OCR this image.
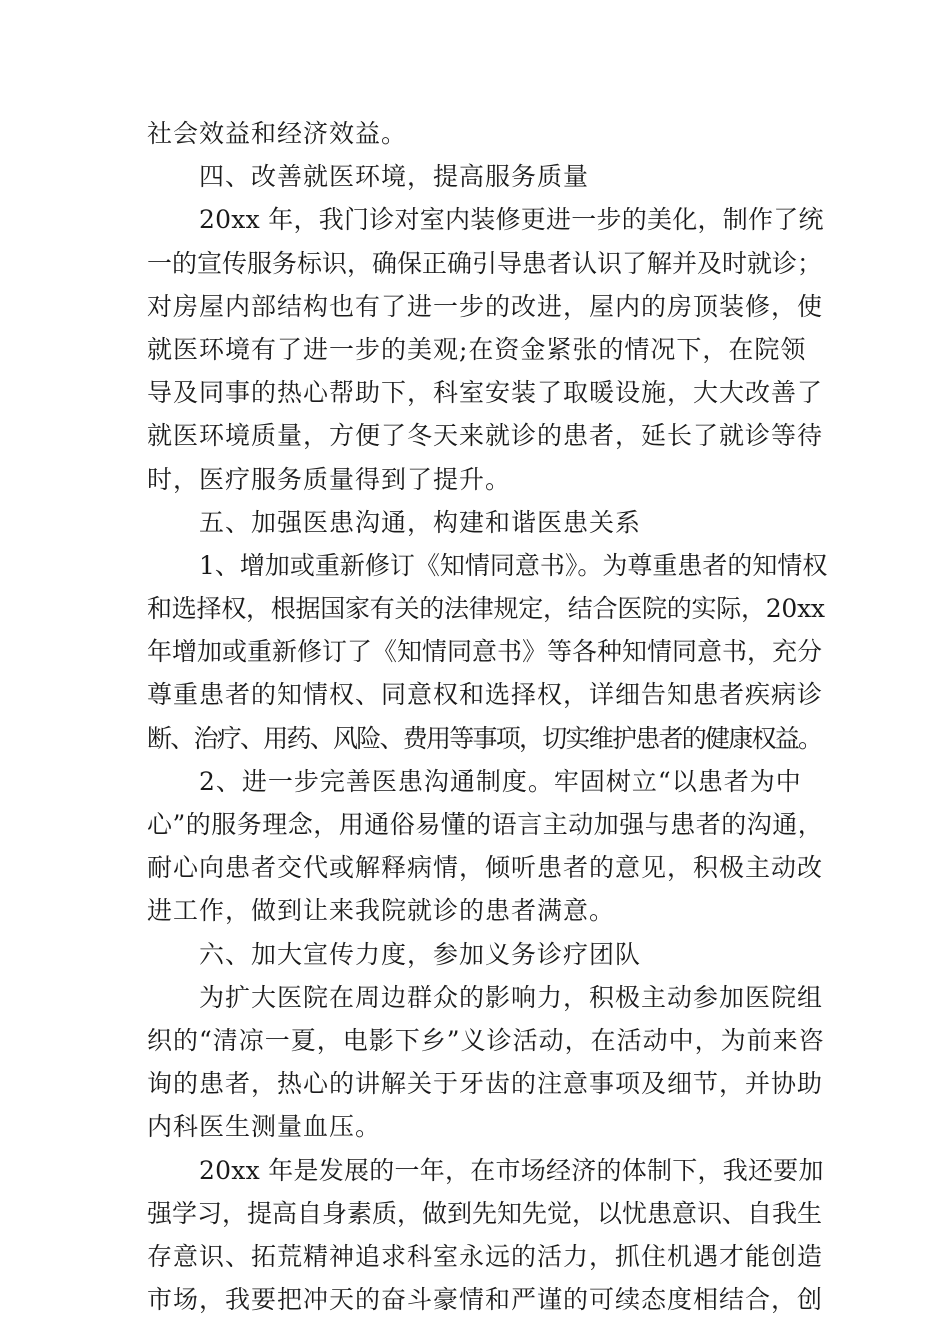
社会效益和经济效益。
四、改善就医环境，提高服务质量
20xx 年，我门诊对室内装修更进一步的美化，制作了统
一的宣传服务标识，确保正确引导患者认识了解并及时就诊；
对房屋内部结构也有了进一步的改进，屋内的房顶装修，使
就医环境有了进一步的美观;在资金紧张的情况下，在院领
导及同事的热心帮助下，科室安装了取暖设施，大大改善了
就医环境质量，方便了冬天来就诊的患者，延长了就诊等待
时，医疗服务质量得到了提升。
五、加强医患沟通，构建和谐医患关系
1、增加或重新修订《知情同意书》。为尊重患者的知情权
和选择权，根据国家有关的法律规定，结合医院的实际，20xx
年增加或重新修订了《知情同意书》等各种知情同意书，充分
尊重患者的知情权、同意权和选择权，详细告知患者疾病诊
断、治疗、用药、风险、费用等事项，切实维护患者的健康权益。
2、进一步完善医患沟通制度。牢固树立“以患者为中
心”的服务理念，用通俗易懂的语言主动加强与患者的沟通，
耐心向患者交代或解释病情，倾听患者的意见，积极主动改
进工作，做到让来我院就诊的患者满意。
六、加大宣传力度，参加义务诊疗团队
为扩大医院在周边群众的影响力，积极主动参加医院组
织的“清凉一夏，电影下乡”义诊活动，在活动中，为前来咨
询的患者，热心的讲解关于牙齿的注意事项及细节，并协助
内科医生测量血压。
20xx 年是发展的一年，在市场经济的体制下，我还要加
强学习，提高自身素质，做到先知先觉，以忧患意识、自我生
存意识、拓荒精神追求科室永远的活力，抓住机遇才能创造
市场，我要把冲天的奋斗豪情和严谨的可续态度相结合，创
